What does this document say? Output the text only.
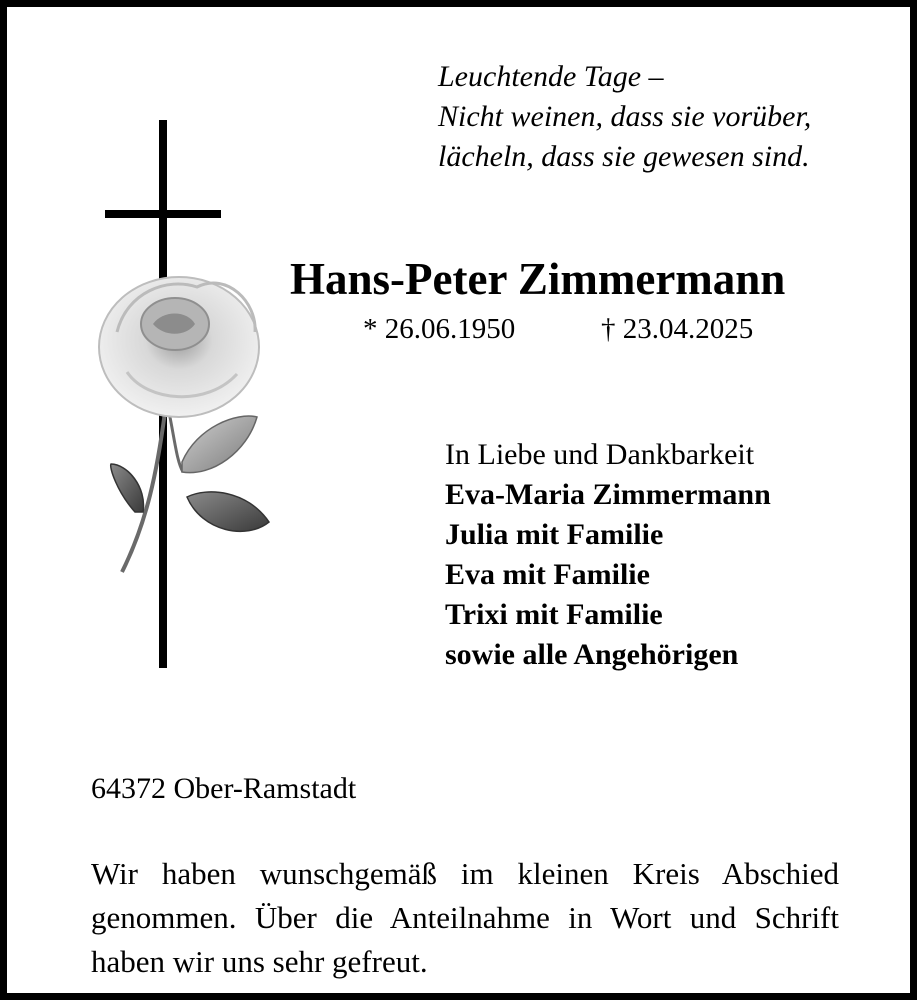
Leuchtende Tage –
Nicht weinen, dass sie vorüber,
lächeln, dass sie gewesen sind.
Hans-Peter Zimmermann
* 26.06.1950	† 23.04.2025
In Liebe und Dankbarkeit
Eva-Maria Zimmermann
Julia mit Familie
Eva mit Familie
Trixi mit Familie
sowie alle Angehörigen
64372 Ober-Ramstadt
Wir haben wunschgemäß im kleinen Kreis Abschied genommen. Über die Anteilnahme in Wort und Schrift haben wir uns sehr gefreut.
